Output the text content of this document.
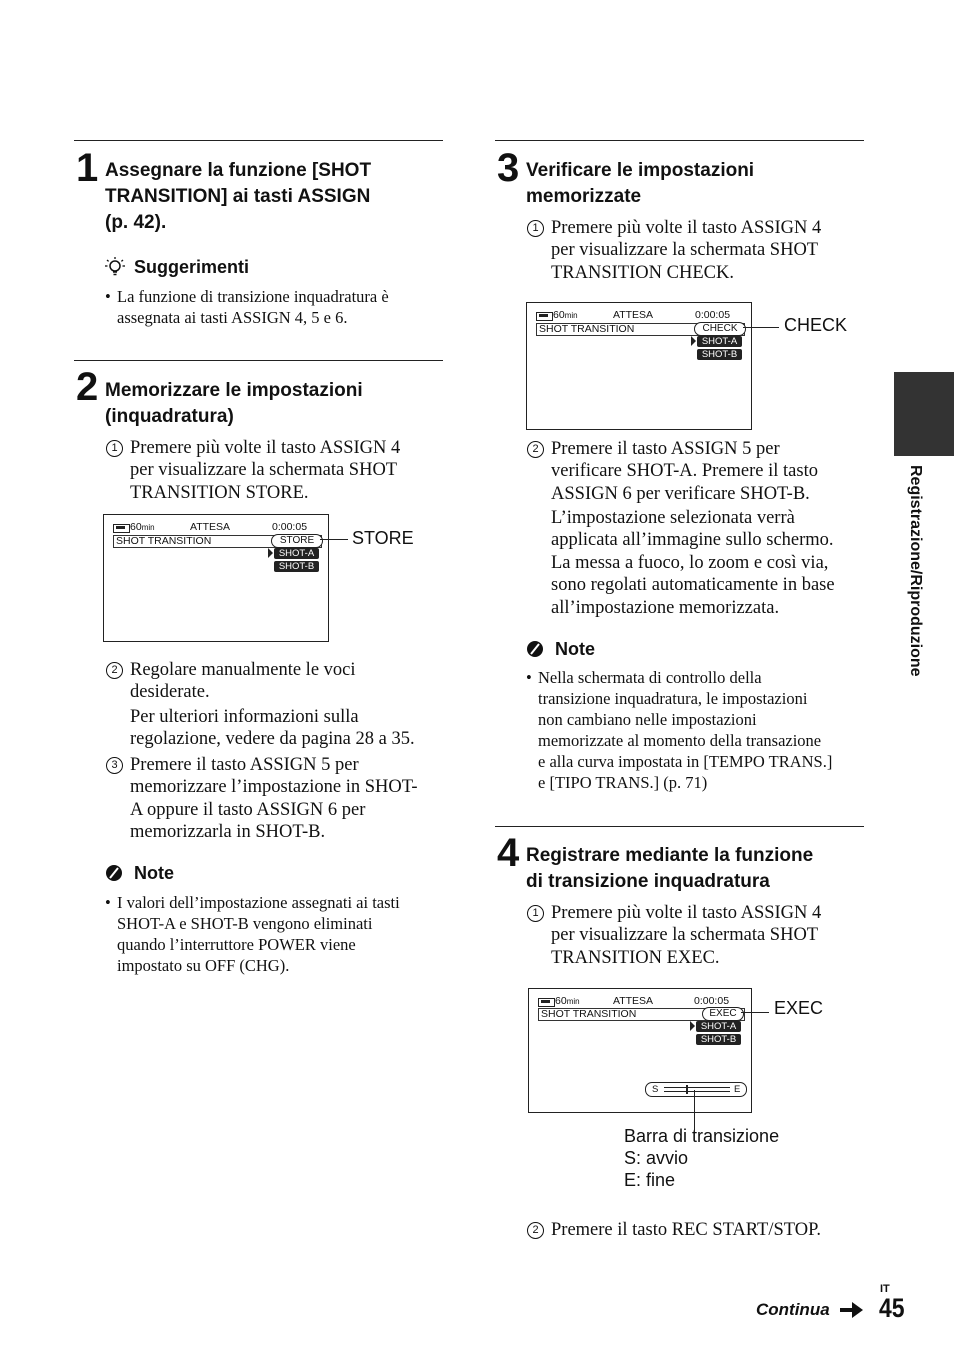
1 Assegnare la funzione [SHOT
TRANSITION] ai tasti ASSIGN
(p. 42).
Suggerimenti
• La funzione di transizione inquadratura è
assegnata ai tasti ASSIGN 4, 5 e 6.
2 Memorizzare le impostazioni
(inquadratura)
1 Premere più volte il tasto ASSIGN 4
per visualizzare la schermata SHOT
TRANSITION STORE.
60min	ATTESA	0:00:05
SHOT TRANSITION	STORE
SHOT-A
SHOT-B
STORE
2 Regolare manualmente le voci
desiderate.
Per ulteriori informazioni sulla
regolazione, vedere da pagina 28 a 35.
3 Premere il tasto ASSIGN 5 per
memorizzare l’impostazione in SHOT-
A oppure il tasto ASSIGN 6 per
memorizzarla in SHOT-B.
Note
• I valori dell’impostazione assegnati ai tasti
SHOT-A e SHOT-B vengono eliminati
quando l’interruttore POWER viene
impostato su OFF (CHG).
3 Verificare le impostazioni
memorizzate
1 Premere più volte il tasto ASSIGN 4
per visualizzare la schermata SHOT
TRANSITION CHECK.
60min	ATTESA	0:00:05
SHOT TRANSITION	CHECK
SHOT-A
SHOT-B
CHECK
2 Premere il tasto ASSIGN 5 per
verificare SHOT-A. Premere il tasto
ASSIGN 6 per verificare SHOT-B.
L’impostazione selezionata verrà
applicata all’immagine sullo schermo.
La messa a fuoco, lo zoom e così via,
sono regolati automaticamente in base
all’impostazione memorizzata.
Note
• Nella schermata di controllo della
transizione inquadratura, le impostazioni
non cambiano nelle impostazioni
memorizzate al momento della transazione
e alla curva impostata in [TEMPO TRANS.]
e [TIPO TRANS.] (p. 71)
4 Registrare mediante la funzione
di transizione inquadratura
1 Premere più volte il tasto ASSIGN 4
per visualizzare la schermata SHOT
TRANSITION EXEC.
60min	ATTESA	0:00:05
SHOT TRANSITION	EXEC
SHOT-A
SHOT-B
S	E
EXEC
Barra di transizione
S: avvio
E: fine
2 Premere il tasto REC START/STOP.
Registrazione/Riproduzione
Continua
IT
45
